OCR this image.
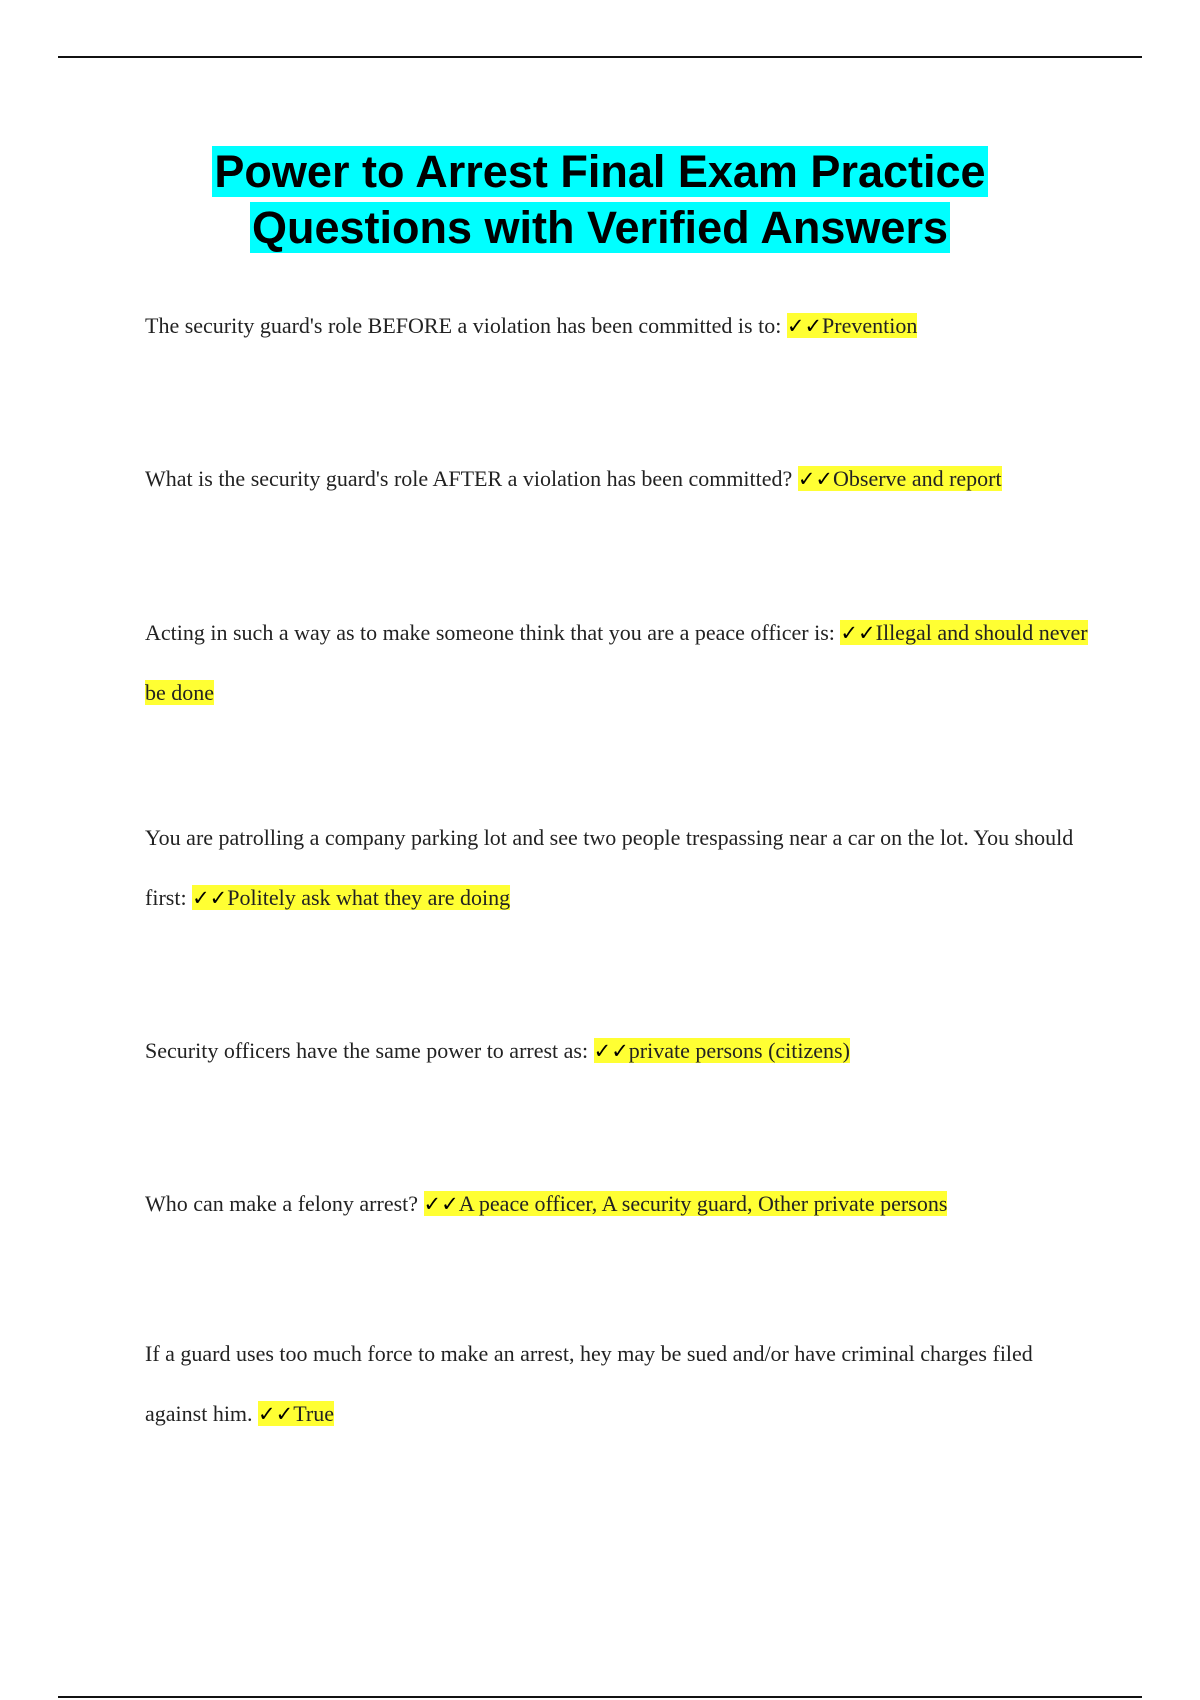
Power to Arrest Final Exam Practice
Questions with Verified Answers

The security guard's role BEFORE a violation has been committed is to: ✓✓Prevention

What is the security guard's role AFTER a violation has been committed? ✓✓Observe and report

Acting in such a way as to make someone think that you are a peace officer is: ✓✓Illegal and should never be done

You are patrolling a company parking lot and see two people trespassing near a car on the lot. You should first: ✓✓Politely ask what they are doing

Security officers have the same power to arrest as: ✓✓private persons (citizens)

Who can make a felony arrest? ✓✓A peace officer, A security guard, Other private persons

If a guard uses too much force to make an arrest, hey may be sued and/or have criminal charges filed against him. ✓✓True
